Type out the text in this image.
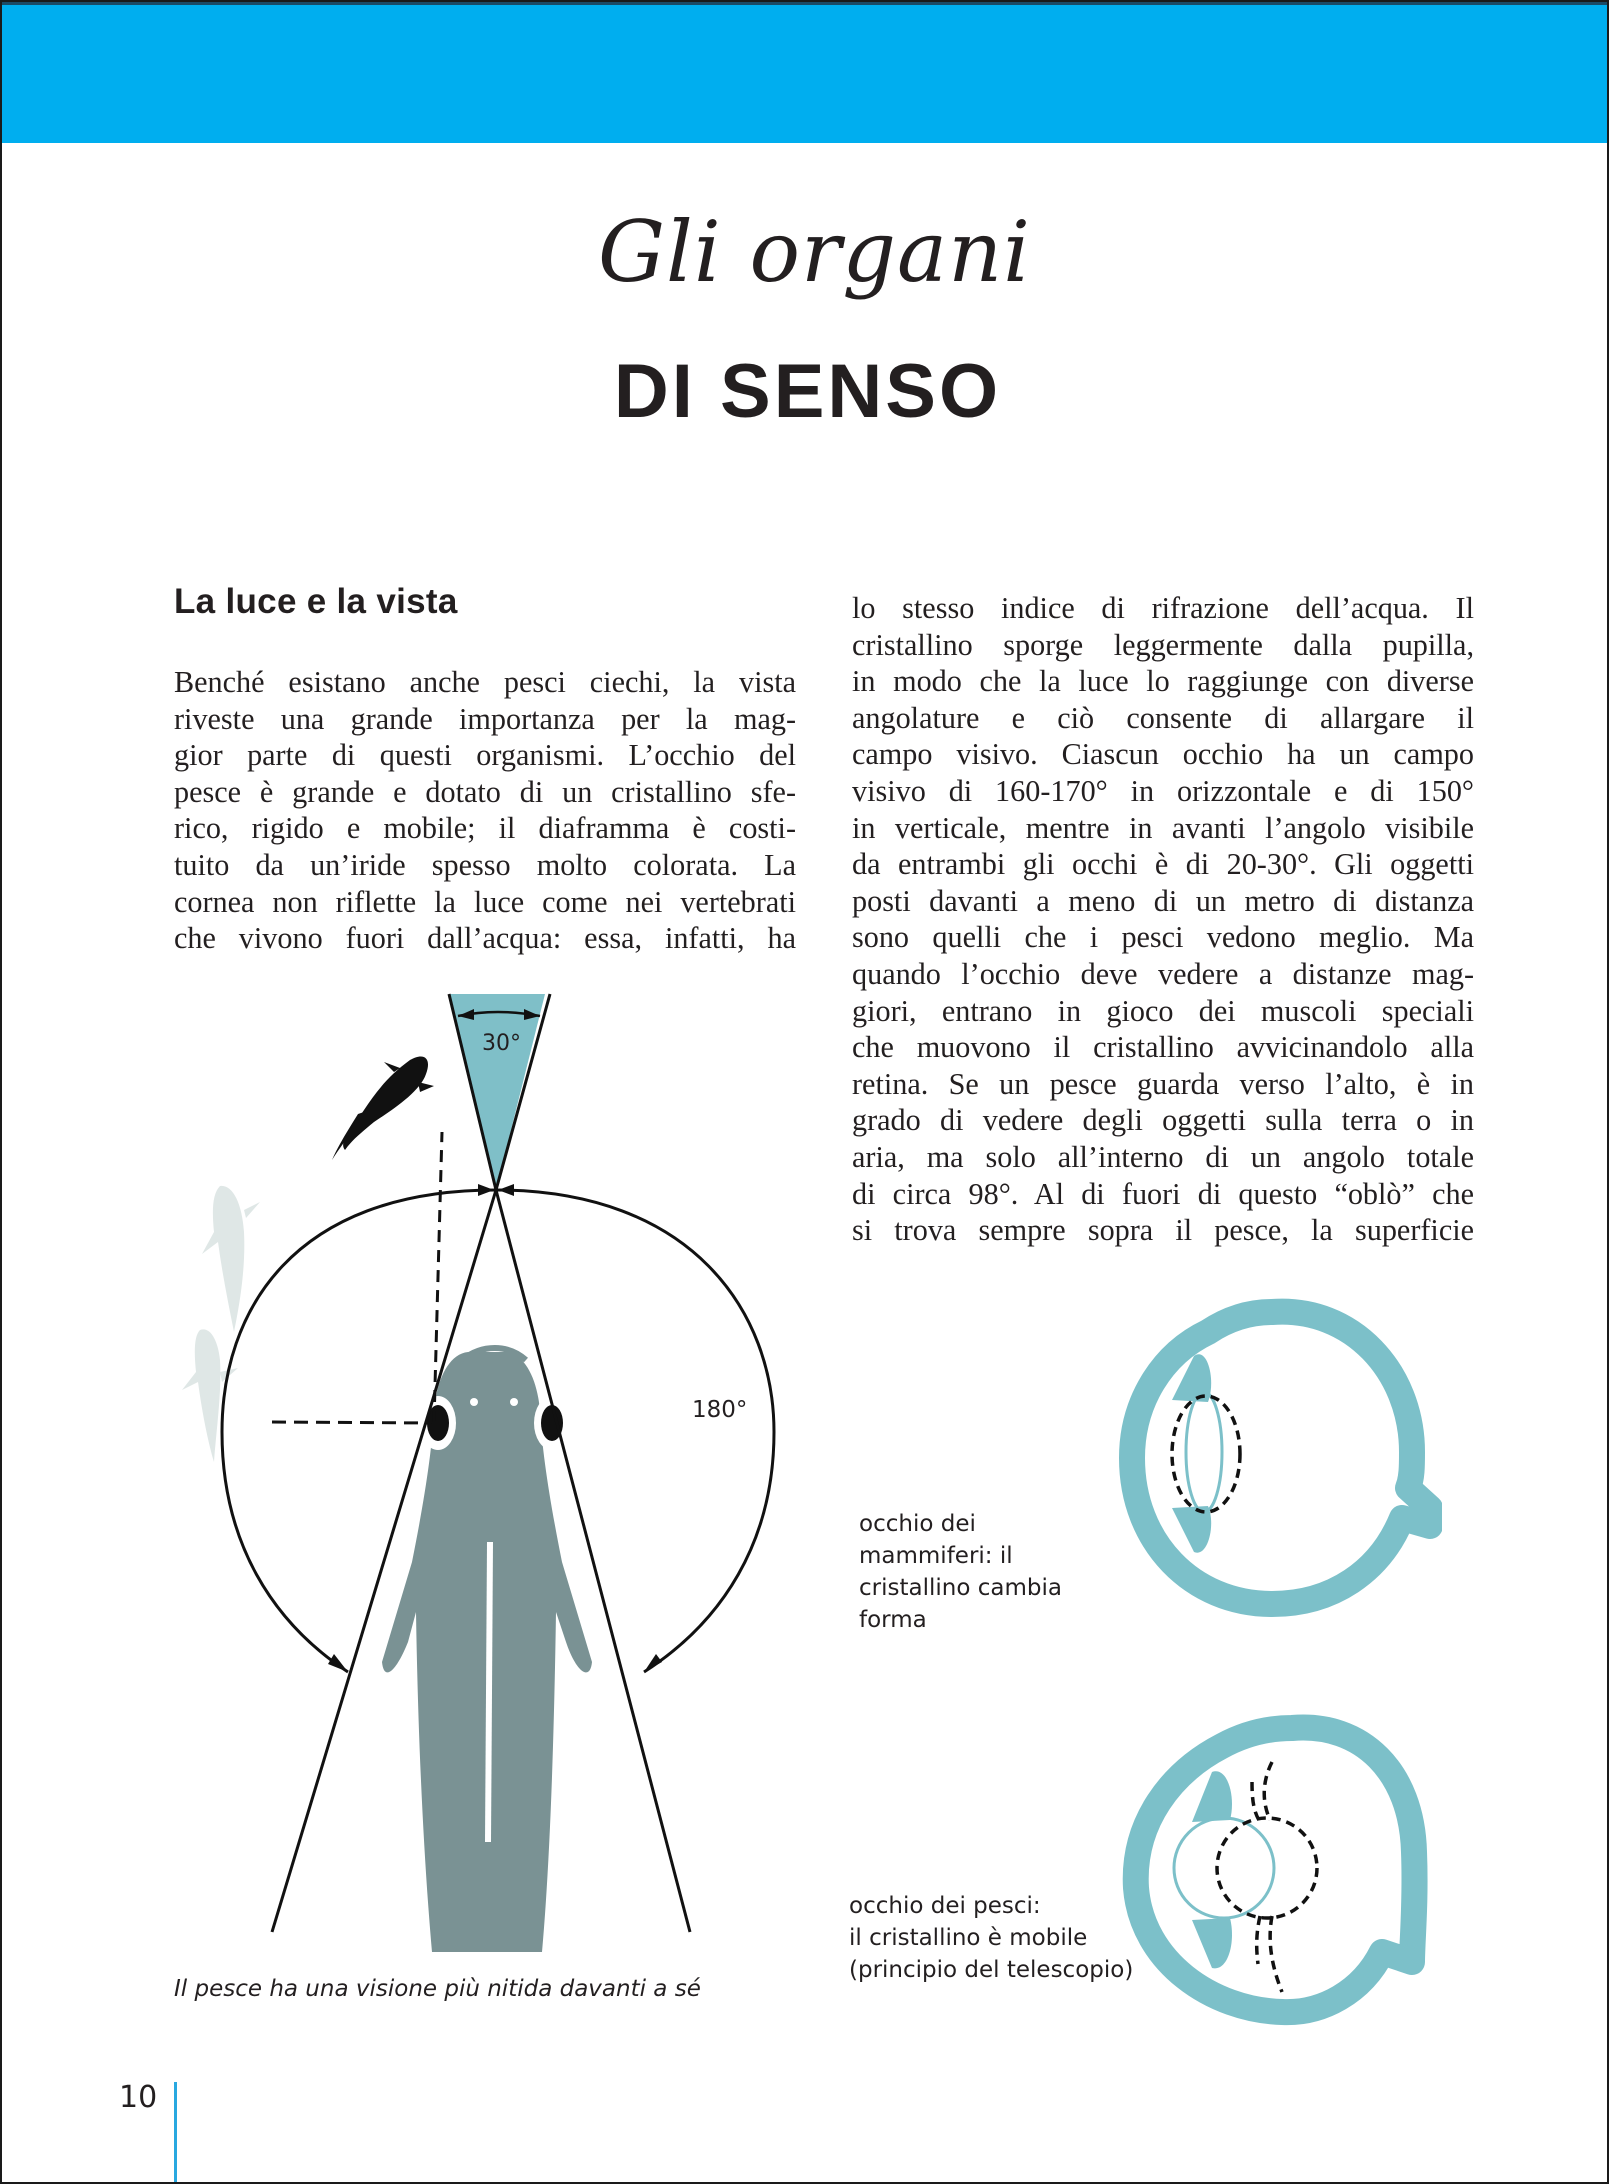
Gli organi
DI SENSO
La luce e la vista

Benché esistano anche pesci ciechi, la vista
riveste una grande importanza per la mag-
gior parte di questi organismi. L’occhio del
pesce è grande e dotato di un cristallino sfe-
rico, rigido e mobile; il diaframma è costi-
tuito da un’iride spesso molto colorata. La
cornea non riflette la luce come nei vertebrati
che vivono fuori dall’acqua: essa, infatti, ha

lo stesso indice di rifrazione dell’acqua. Il
cristallino sporge leggermente dalla pupilla,
in modo che la luce lo raggiunge con diverse
angolature e ciò consente di allargare il
campo visivo. Ciascun occhio ha un campo
visivo di 160-170° in orizzontale e di 150°
in verticale, mentre in avanti l’angolo visibile
da entrambi gli occhi è di 20-30°. Gli oggetti
posti davanti a meno di un metro di distanza
sono quelli che i pesci vedono meglio. Ma
quando l’occhio deve vedere a distanze mag-
giori, entrano in gioco dei muscoli speciali
che muovono il cristallino avvicinandolo alla
retina. Se un pesce guarda verso l’alto, è in
grado di vedere degli oggetti sulla terra o in
aria, ma solo all’interno di un angolo totale
di circa 98°. Al di fuori di questo “oblò” che
si trova sempre sopra il pesce, la superficie

30°
180°
Il pesce ha una visione più nitida davanti a sé
occhio dei
mammiferi: il
cristallino cambia
forma
occhio dei pesci:
il cristallino è mobile
(principio del telescopio)
10
